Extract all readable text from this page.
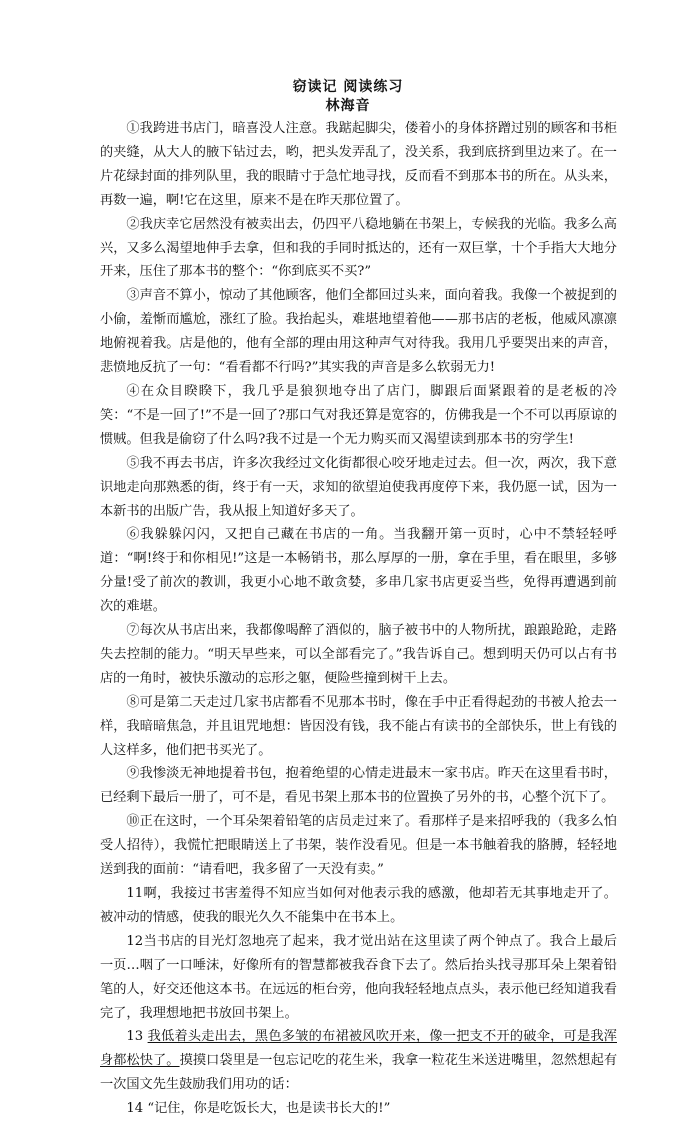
窃读记 阅读练习
林海音

①我跨进书店门，暗喜没人注意。我踮起脚尖，偻着小的身体挤蹭过别的顾客和书柜的夹缝，从大人的腋下钻过去，哟，把头发弄乱了，没关系，我到底挤到里边来了。在一片花绿封面的排列队里，我的眼睛寸于急忙地寻找，反而看不到那本书的所在。从头来，再数一遍，啊!它在这里，原来不是在昨天那位置了。

②我庆幸它居然没有被卖出去，仍四平八稳地躺在书架上，专候我的光临。我多么高兴，又多么渴望地伸手去拿，但和我的手同时抵达的，还有一双巨掌，十个手指大大地分开来，压住了那本书的整个：“你到底买不买?”

③声音不算小，惊动了其他顾客，他们全都回过头来，面向着我。我像一个被捉到的小偷，羞惭而尴尬，涨红了脸。我抬起头，难堪地望着他——那书店的老板，他威风凛凛地俯视着我。店是他的，他有全部的理由用这种声气对待我。我用几乎要哭出来的声音，悲愤地反抗了一句：“看看都不行吗?”其实我的声音是多么软弱无力!

④在众目睽睽下，我几乎是狼狈地夺出了店门，脚跟后面紧跟着的是老板的冷笑：“不是一回了!”不是一回了?那口气对我还算是宽容的，仿佛我是一个不可以再原谅的惯贼。但我是偷窃了什么吗?我不过是一个无力购买而又渴望读到那本书的穷学生!

⑤我不再去书店，许多次我经过文化街都很心咬牙地走过去。但一次，两次，我下意识地走向那熟悉的街，终于有一天，求知的欲望迫使我再度停下来，我仍愿一试，因为一本新书的出版广告，我从报上知道好多天了。

⑥我躲躲闪闪，又把自己藏在书店的一角。当我翻开第一页时，心中不禁轻轻呼道：“啊!终于和你相见!”这是一本畅销书，那么厚厚的一册，拿在手里，看在眼里，多够分量!受了前次的教训，我更小心地不敢贪婪，多串几家书店更妥当些，免得再遭遇到前次的难堪。

⑦每次从书店出来，我都像喝醉了酒似的，脑子被书中的人物所扰，踉踉跄跄，走路失去控制的能力。“明天早些来，可以全部看完了。”我告诉自己。想到明天仍可以占有书店的一角时，被快乐激动的忘形之躯，便险些撞到树干上去。

⑧可是第二天走过几家书店都看不见那本书时，像在手中正看得起劲的书被人抢去一样，我暗暗焦急，并且诅咒地想：皆因没有钱，我不能占有读书的全部快乐，世上有钱的人这样多，他们把书买光了。

⑨我惨淡无神地提着书包，抱着绝望的心情走进最末一家书店。昨天在这里看书时，已经剩下最后一册了，可不是，看见书架上那本书的位置换了另外的书，心整个沉下了。

⑩正在这时，一个耳朵架着铅笔的店员走过来了。看那样子是来招呼我的（我多么怕受人招待），我慌忙把眼睛送上了书架，装作没看见。但是一本书触着我的胳膊，轻轻地送到我的面前：“请看吧，我多留了一天没有卖。”

11啊，我接过书害羞得不知应当如何对他表示我的感激，他却若无其事地走开了。被冲动的情感，使我的眼光久久不能集中在书本上。

12当书店的目光灯忽地亮了起来，我才觉出站在这里读了两个钟点了。我合上最后一页…咽了一口唾沫，好像所有的智慧都被我吞食下去了。然后抬头找寻那耳朵上架着铅笔的人，好交还他这本书。在远远的柜台旁，他向我轻轻地点点头，表示他已经知道我看完了，我理想地把书放回书架上。

13 我低着头走出去，黑色多皱的布裙被风吹开来，像一把支不开的破伞，可是我浑身都松快了。摸摸口袋里是一包忘记吃的花生米，我拿一粒花生米送进嘴里，忽然想起有一次国文先生鼓励我们用功的话：

14 “记住，你是吃饭长大，也是读书长大的!”
